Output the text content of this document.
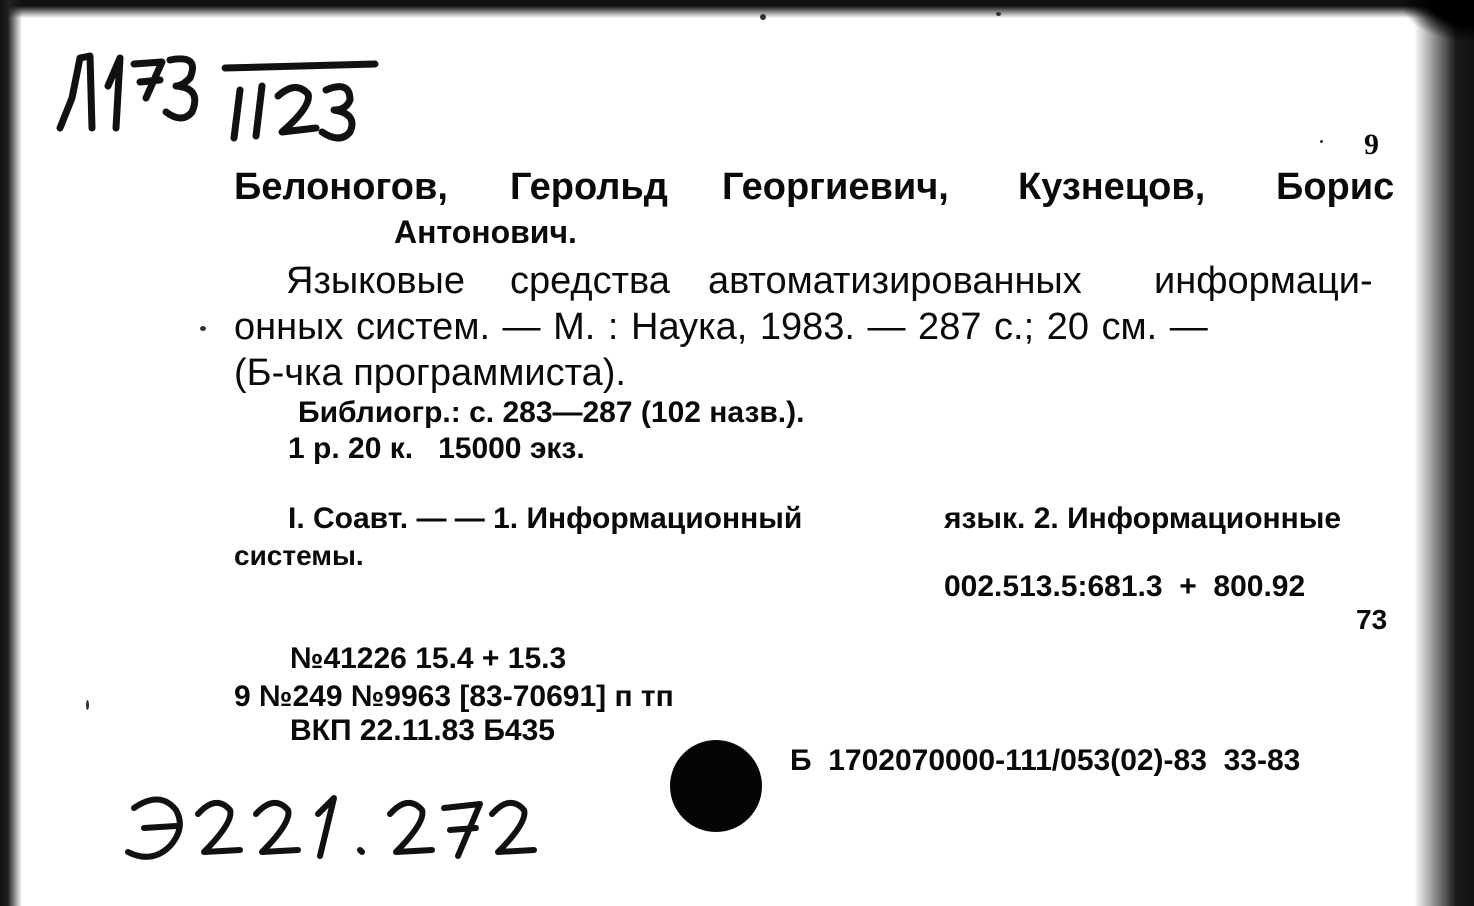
9
Белоногов, Герольд Георгиевич, Кузнецов, Борис
Антонович.
Языковые средства автоматизированных информаци-
онных систем. — М. : Наука, 1983. — 287 с.; 20 см. —
(Б-чка программиста).
Библиогр.: с. 283—287 (102 назв.).
1 р. 20 к.   15000 экз.
I. Соавт. — — 1. Информационный	язык. 2. Информационные
системы.
002.513.5:681.3  +  800.92
73
№41226 15.4 + 15.3
9 №249 №9963 [83-70691] п тп
ВКП 22.11.83 Б435
Б  1702070000-111/053(02)-83  33-83
